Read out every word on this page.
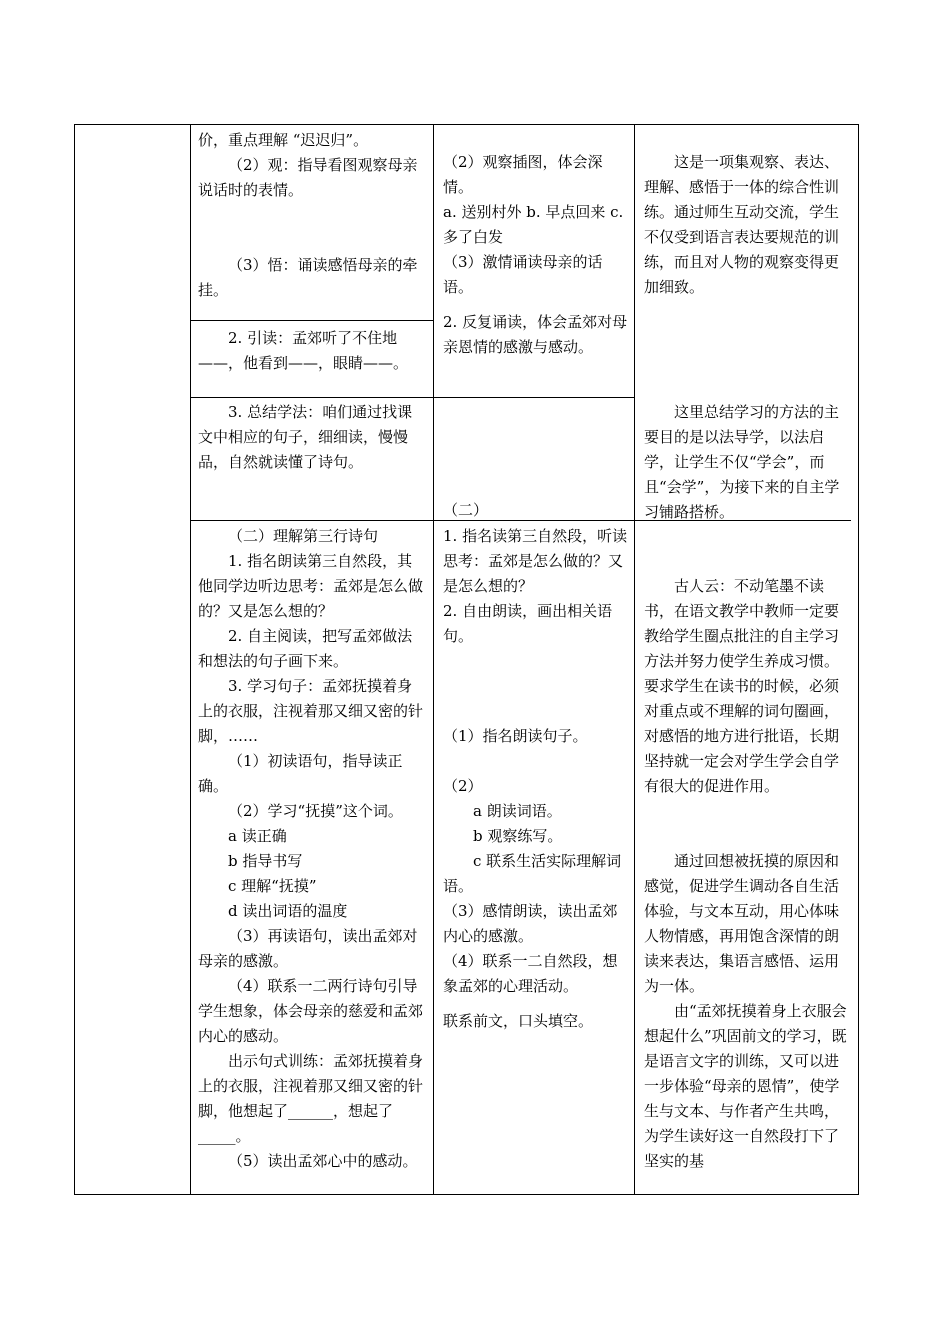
价，重点理解 “迟迟归”。

（2）观：指导看图观察母亲说话时的表情。

（3）悟：诵读感悟母亲的牵挂。

（2）观察插图，体会深情。

a. 送别村外 b. 早点回来 c. 多了白发

（3）激情诵读母亲的话语。

2. 反复诵读，体会孟郊对母亲恩情的感激与感动。

这是一项集观察、表达、理解、感悟于一体的综合性训练。通过师生互动交流，学生不仅受到语言表达要规范的训练，而且对人物的观察变得更加细致。

2. 引读：孟郊听了不住地——，他看到——，眼睛——。

3. 总结学法：咱们通过找课文中相应的句子，细细读，慢慢品，自然就读懂了诗句。

（二）

这里总结学习的方法的主要目的是以法导学，以法启学，让学生不仅“学会”，而且“会学”，为接下来的自主学习铺路搭桥。

（二）理解第三行诗句

1. 指名朗读第三自然段，其他同学边听边思考：孟郊是怎么做的？又是怎么想的？

2. 自主阅读，把写孟郊做法和想法的句子画下来。

3. 学习句子：孟郊抚摸着身上的衣服，注视着那又细又密的针脚，……

（1）初读语句，指导读正确。

（2）学习“抚摸”这个词。

a 读正确

b 指导书写

c 理解“抚摸”

d 读出词语的温度

（3）再读语句，读出孟郊对母亲的感激。

（4）联系一二两行诗句引导学生想象，体会母亲的慈爱和孟郊内心的感动。

出示句式训练：孟郊抚摸着身上的衣服，注视着那又细又密的针脚，他想起了______，想起了_____。

（5）读出孟郊心中的感动。

1. 指名读第三自然段，听读思考：孟郊是怎么做的？又是怎么想的？

2. 自由朗读，画出相关语句。

（1）指名朗读句子。

（2）

a 朗读词语。

b 观察练写。

c 联系生活实际理解词语。

（3）感情朗读，读出孟郊内心的感激。

（4）联系一二自然段，想象孟郊的心理活动。

联系前文，口头填空。

古人云：不动笔墨不读书，在语文教学中教师一定要教给学生圈点批注的自主学习方法并努力使学生养成习惯。要求学生在读书的时候，必须对重点或不理解的词句圈画，对感悟的地方进行批语，长期坚持就一定会对学生学会自学有很大的促进作用。

通过回想被抚摸的原因和感觉，促进学生调动各自生活体验，与文本互动，用心体味人物情感，再用饱含深情的朗读来表达，集语言感悟、运用为一体。

由“孟郊抚摸着身上衣服会想起什么”巩固前文的学习，既是语言文字的训练，又可以进一步体验“母亲的恩情”，使学生与文本、与作者产生共鸣，为学生读好这一自然段打下了坚实的基
